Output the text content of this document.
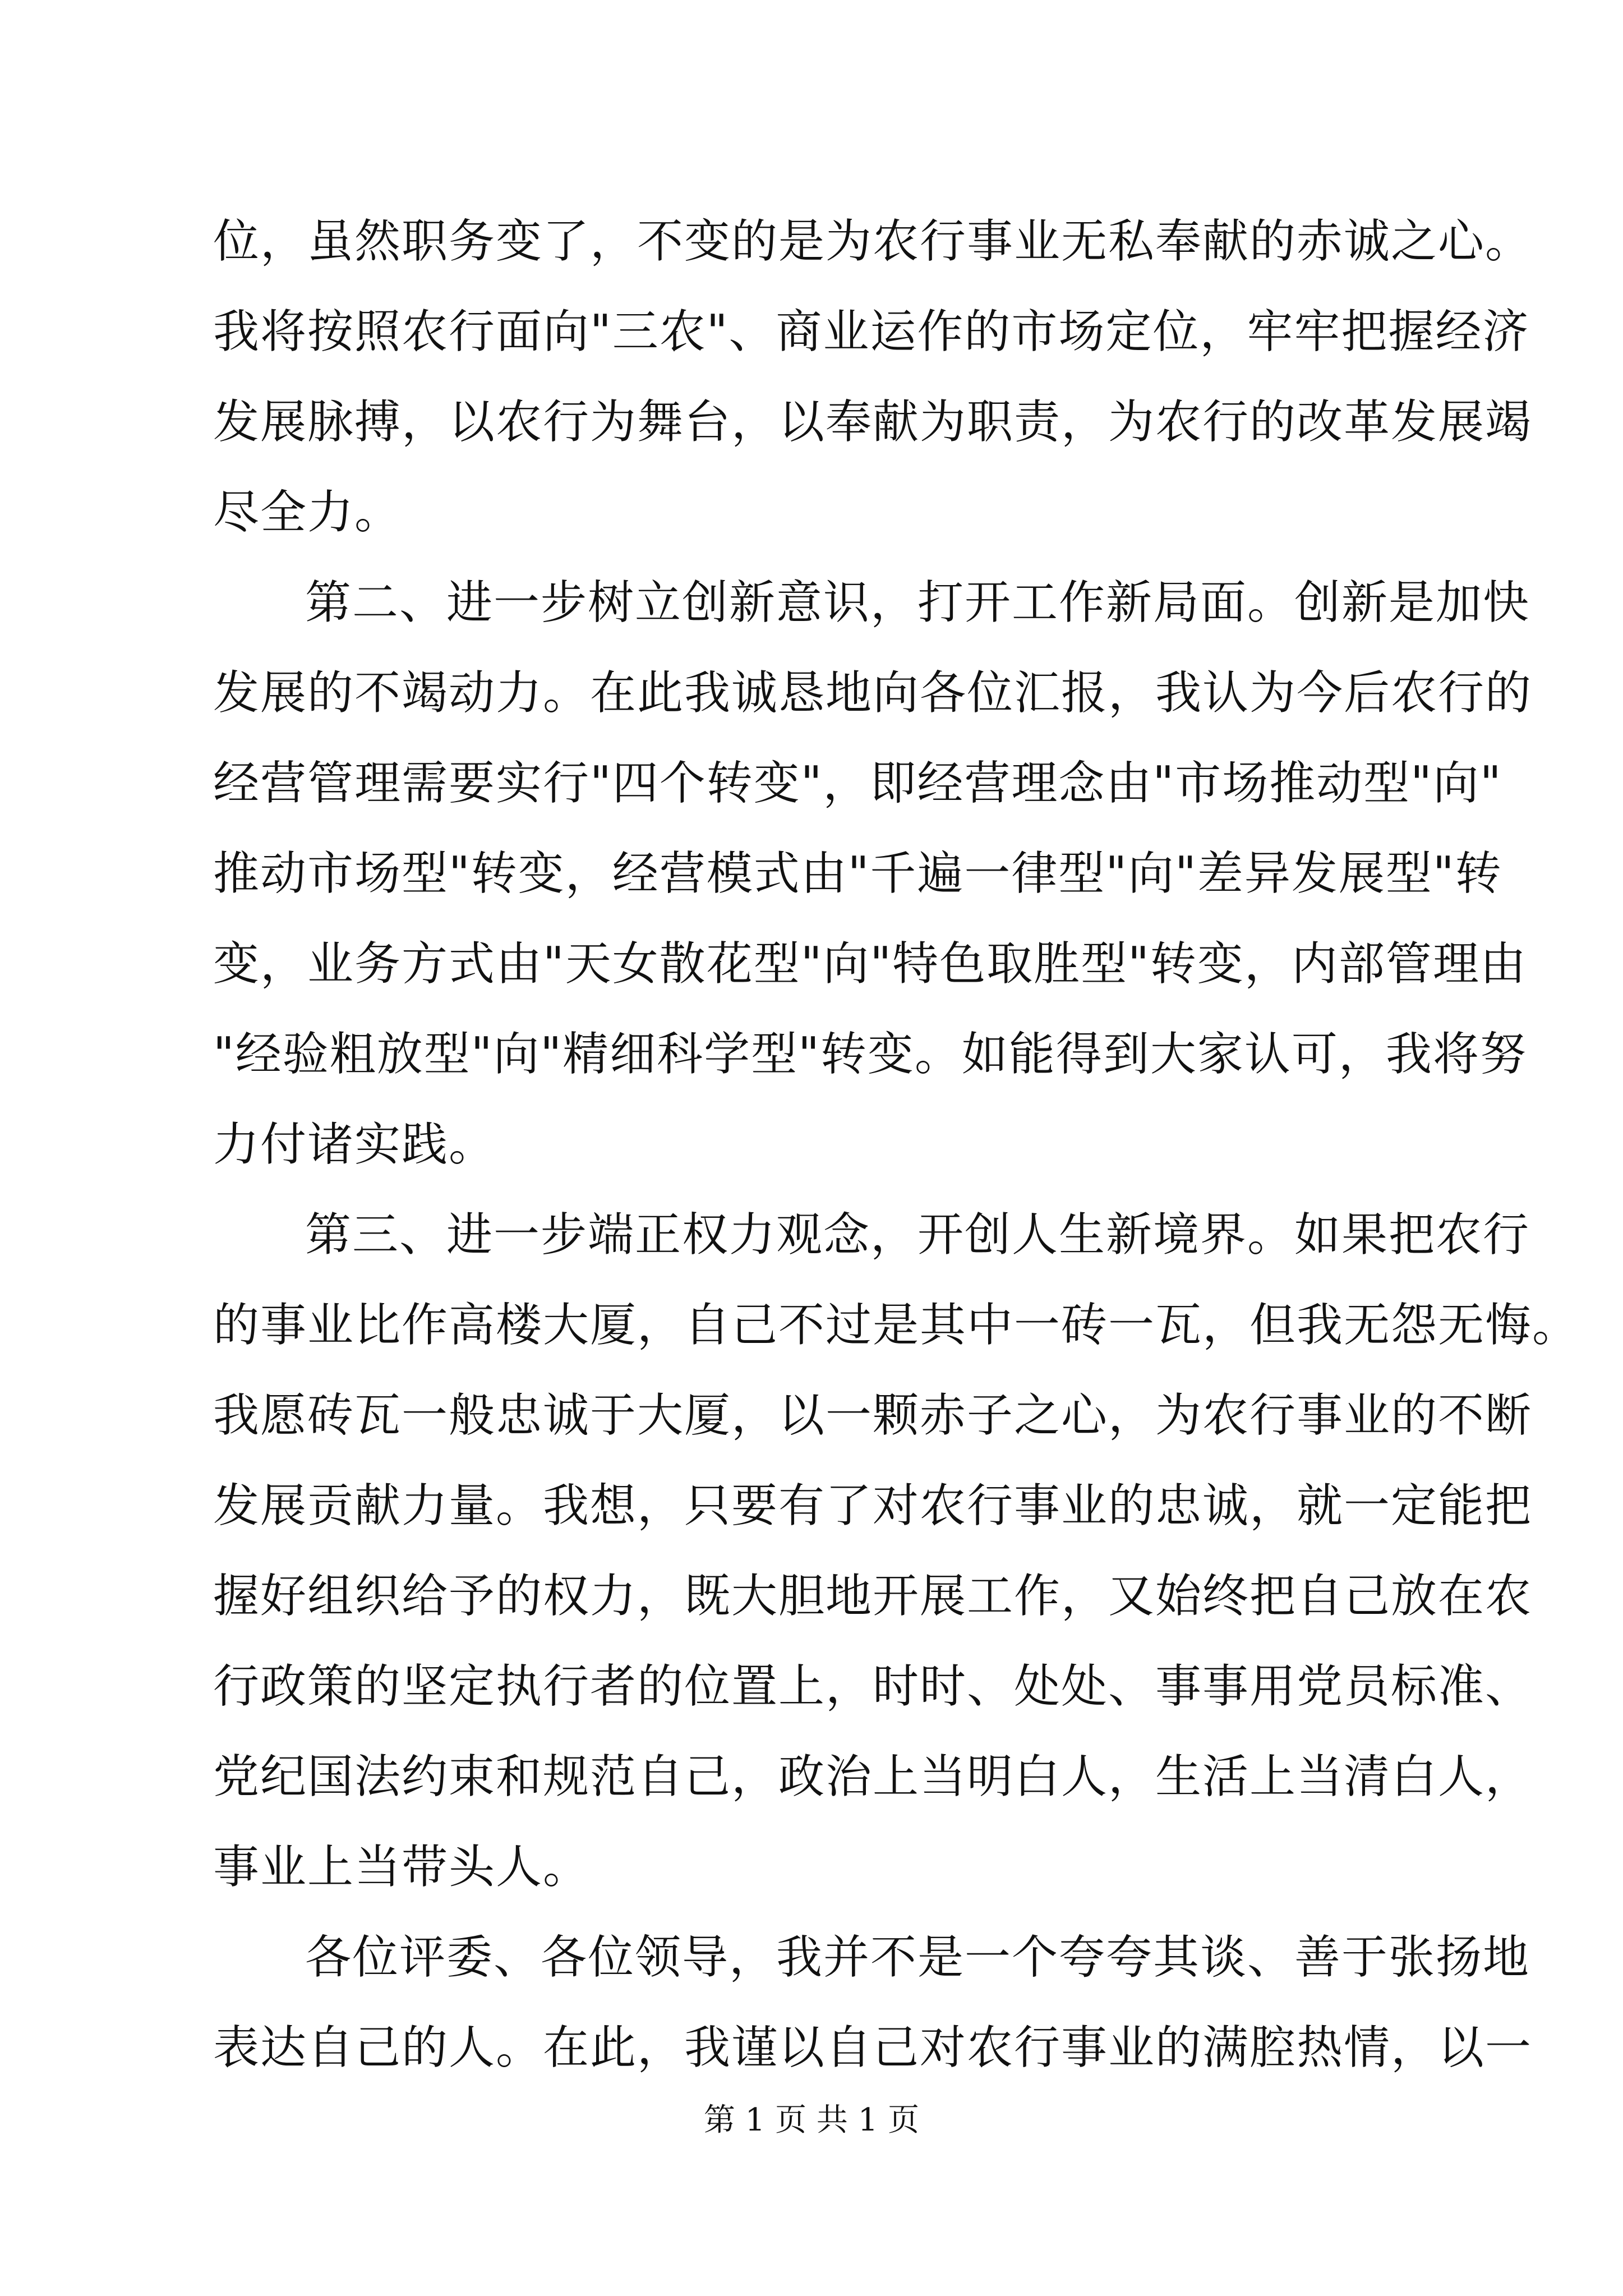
位，虽然职务变了，不变的是为农行事业无私奉献的赤诚之心。
我将按照农行面向"三农"、商业运作的市场定位，牢牢把握经济
发展脉搏，以农行为舞台，以奉献为职责，为农行的改革发展竭
尽全力。
第二、进一步树立创新意识，打开工作新局面。创新是加快
发展的不竭动力。在此我诚恳地向各位汇报，我认为今后农行的
经营管理需要实行"四个转变"，即经营理念由"市场推动型"向"
推动市场型"转变，经营模式由"千遍一律型"向"差异发展型"转
变，业务方式由"天女散花型"向"特色取胜型"转变，内部管理由
"经验粗放型"向"精细科学型"转变。如能得到大家认可，我将努
力付诸实践。
第三、进一步端正权力观念，开创人生新境界。如果把农行
的事业比作高楼大厦，自己不过是其中一砖一瓦，但我无怨无悔。
我愿砖瓦一般忠诚于大厦，以一颗赤子之心，为农行事业的不断
发展贡献力量。我想，只要有了对农行事业的忠诚，就一定能把
握好组织给予的权力，既大胆地开展工作，又始终把自己放在农
行政策的坚定执行者的位置上，时时、处处、事事用党员标准、
党纪国法约束和规范自己，政治上当明白人，生活上当清白人，
事业上当带头人。
各位评委、各位领导，我并不是一个夸夸其谈、善于张扬地
表达自己的人。在此，我谨以自己对农行事业的满腔热情，以一
第 1 页 共 1 页
